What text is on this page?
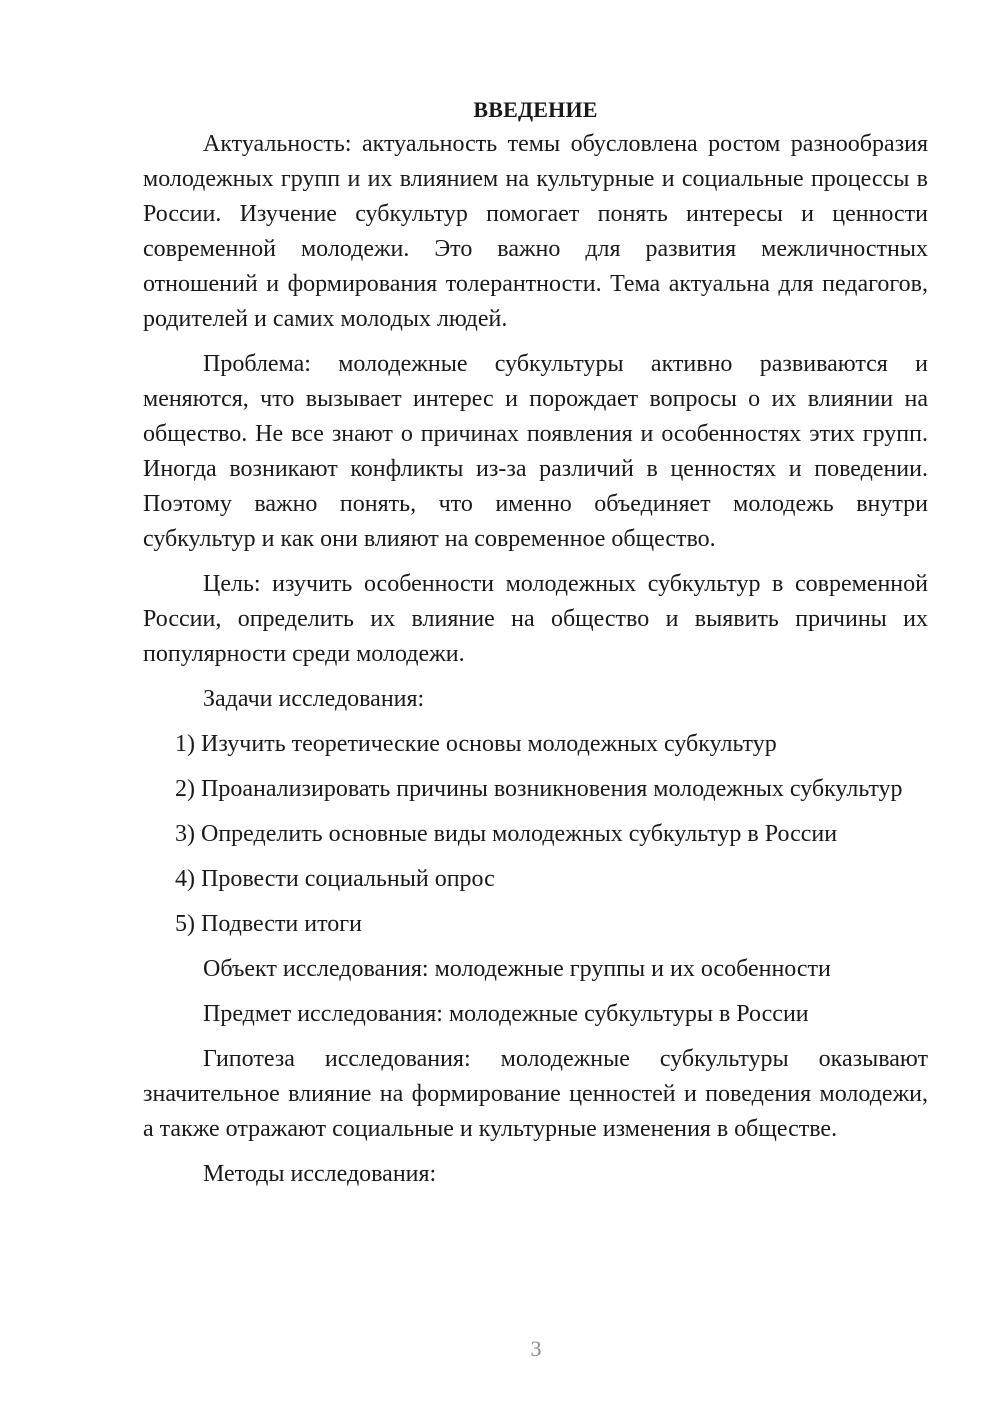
ВВЕДЕНИЕ

Актуальность: актуальность темы обусловлена ростом разнообразия молодежных групп и их влиянием на культурные и социальные процессы в России. Изучение субкультур помогает понять интересы и ценности современной молодежи. Это важно для развития межличностных отношений и формирования толерантности. Тема актуальна для педагогов, родителей и самих молодых людей.

Проблема: молодежные субкультуры активно развиваются и меняются, что вызывает интерес и порождает вопросы о их влиянии на общество. Не все знают о причинах появления и особенностях этих групп. Иногда возникают конфликты из-за различий в ценностях и поведении. Поэтому важно понять, что именно объединяет молодежь внутри субкультур и как они влияют на современное общество.

Цель: изучить особенности молодежных субкультур в современной России, определить их влияние на общество и выявить причины их популярности среди молодежи.

Задачи исследования:

1) Изучить теоретические основы молодежных субкультур

2) Проанализировать причины возникновения молодежных субкультур

3) Определить основные виды молодежных субкультур в России

4) Провести социальный опрос

5) Подвести итоги

Объект исследования: молодежные группы и их особенности

Предмет исследования: молодежные субкультуры в России

Гипотеза исследования: молодежные субкультуры оказывают значительное влияние на формирование ценностей и поведения молодежи, а также отражают социальные и культурные изменения в обществе.

Методы исследования:

3
